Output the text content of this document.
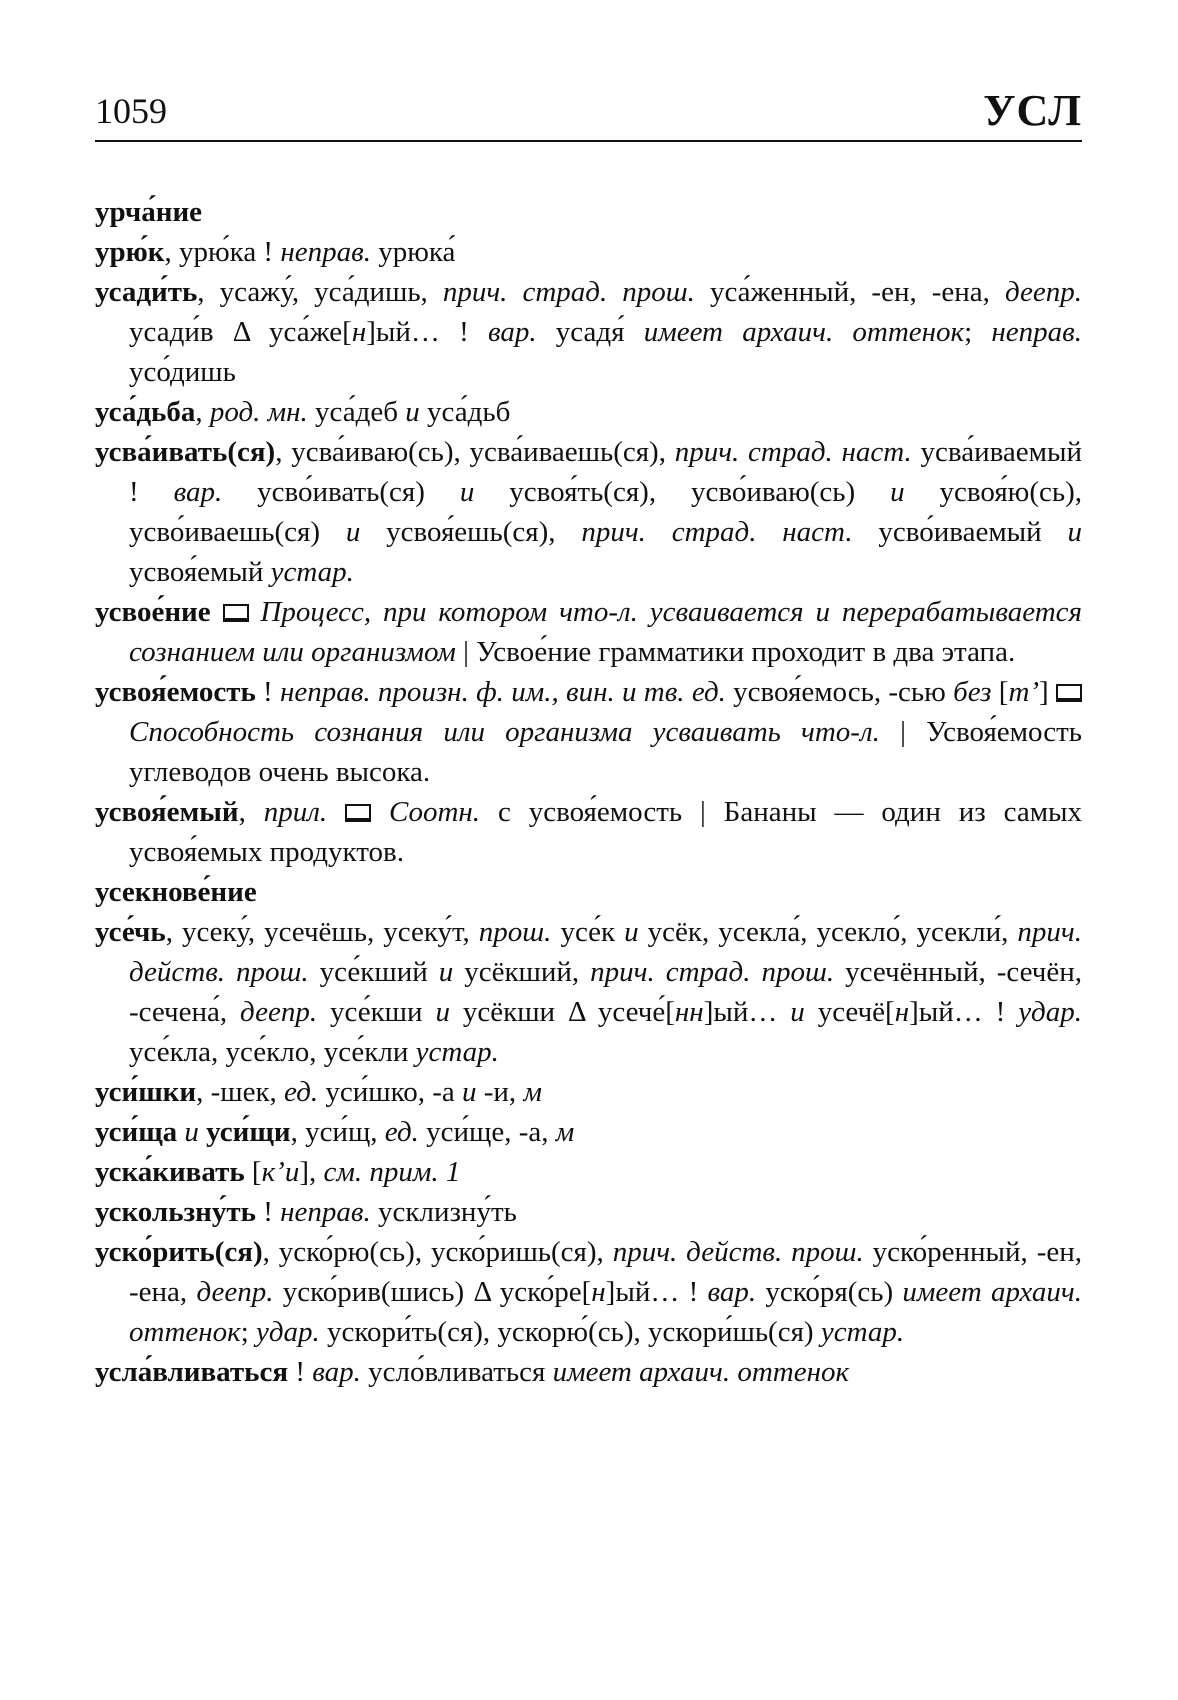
1059	УСЛ

урча́ние

урю́к, урю́ка ! неправ. урюка́

усади́ть, усажу́, уса́дишь, прич. страд. прош. уса́женный, -ен, -ена, деепр. усади́в Δ уса́же[н]ый… ! вар. усадя́ имеет архаич. оттенок; неправ. усо́дишь

уса́дьба, род. мн. уса́деб и уса́дьб

усва́ивать(ся), усва́иваю(сь), усва́иваешь(ся), прич. страд. наст. усва́иваемый ! вар. усво́ивать(ся) и усвоя́ть(ся), усво́иваю(сь) и усвоя́ю(сь), усво́иваешь(ся) и усвоя́ешь(ся), прич. страд. наст. усво́иваемый и усвоя́емый устар.

усвое́ние Процесс, при котором что-л. усваивается и перерабатывается сознанием или организмом | Усвое́ние грамматики проходит в два этапа.

усвоя́емость ! неправ. произн. ф. им., вин. и тв. ед. усвоя́емось, -сью без [т’]  Способность сознания или организма усваивать что-л. | Усвоя́емость углеводов очень высока.

усвоя́емый, прил. Соотн. с усвоя́емость | Бананы — один из самых усвоя́емых продуктов.

усекнове́ние

усе́чь, усеку́, усечёшь, усеку́т, прош. усе́к и усёк, усекла́, усекло́, усекли́, прич. действ. прош. усе́кший и усёкший, прич. страд. прош. усечённый, -сечён, -сечена́, деепр. усе́кши и усёкши Δ усече́[нн]ый… и усечё[н]ый… ! удар. усе́кла, усе́кло, усе́кли устар.

уси́шки, -шек, ед. уси́шко, -а и -и, м

уси́ща и уси́щи, уси́щ, ед. уси́ще, -а, м

уска́кивать [к’и], см. прим. 1

ускользну́ть ! неправ. усклизну́ть

уско́рить(ся), уско́рю(сь), уско́ришь(ся), прич. действ. прош. уско́ренный, -ен, -ена, деепр. уско́рив(шись) Δ уско́ре[н]ый… ! вар. уско́ря(сь) имеет архаич. оттенок; удар. ускори́ть(ся), ускорю́(сь), ускори́шь(ся) устар.

усла́вливаться ! вар. усло́вливаться имеет архаич. оттенок
